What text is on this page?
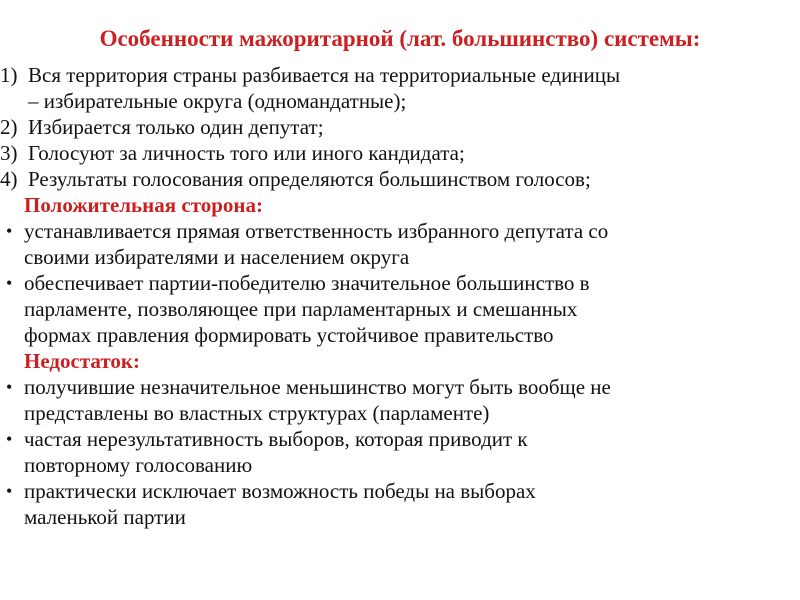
Особенности мажоритарной (лат. большинство) системы:
1) Вся территория страны разбивается на территориальные единицы
– избирательные округа (одномандатные);
2) Избирается только один депутат;
3) Голосуют за личность того или иного кандидата;
4) Результаты голосования определяются большинством голосов;
Положительная сторона:
• устанавливается прямая ответственность избранного депутата со
своими избирателями и населением округа
• обеспечивает партии-победителю значительное большинство в
парламенте, позволяющее при парламентарных и смешанных
формах правления формировать устойчивое правительство
Недостаток:
• получившие незначительное меньшинство могут быть вообще не
представлены во властных структурах (парламенте)
• частая нерезультативность выборов, которая приводит к
повторному голосованию
• практически исключает возможность победы на выборах
маленькой партии
